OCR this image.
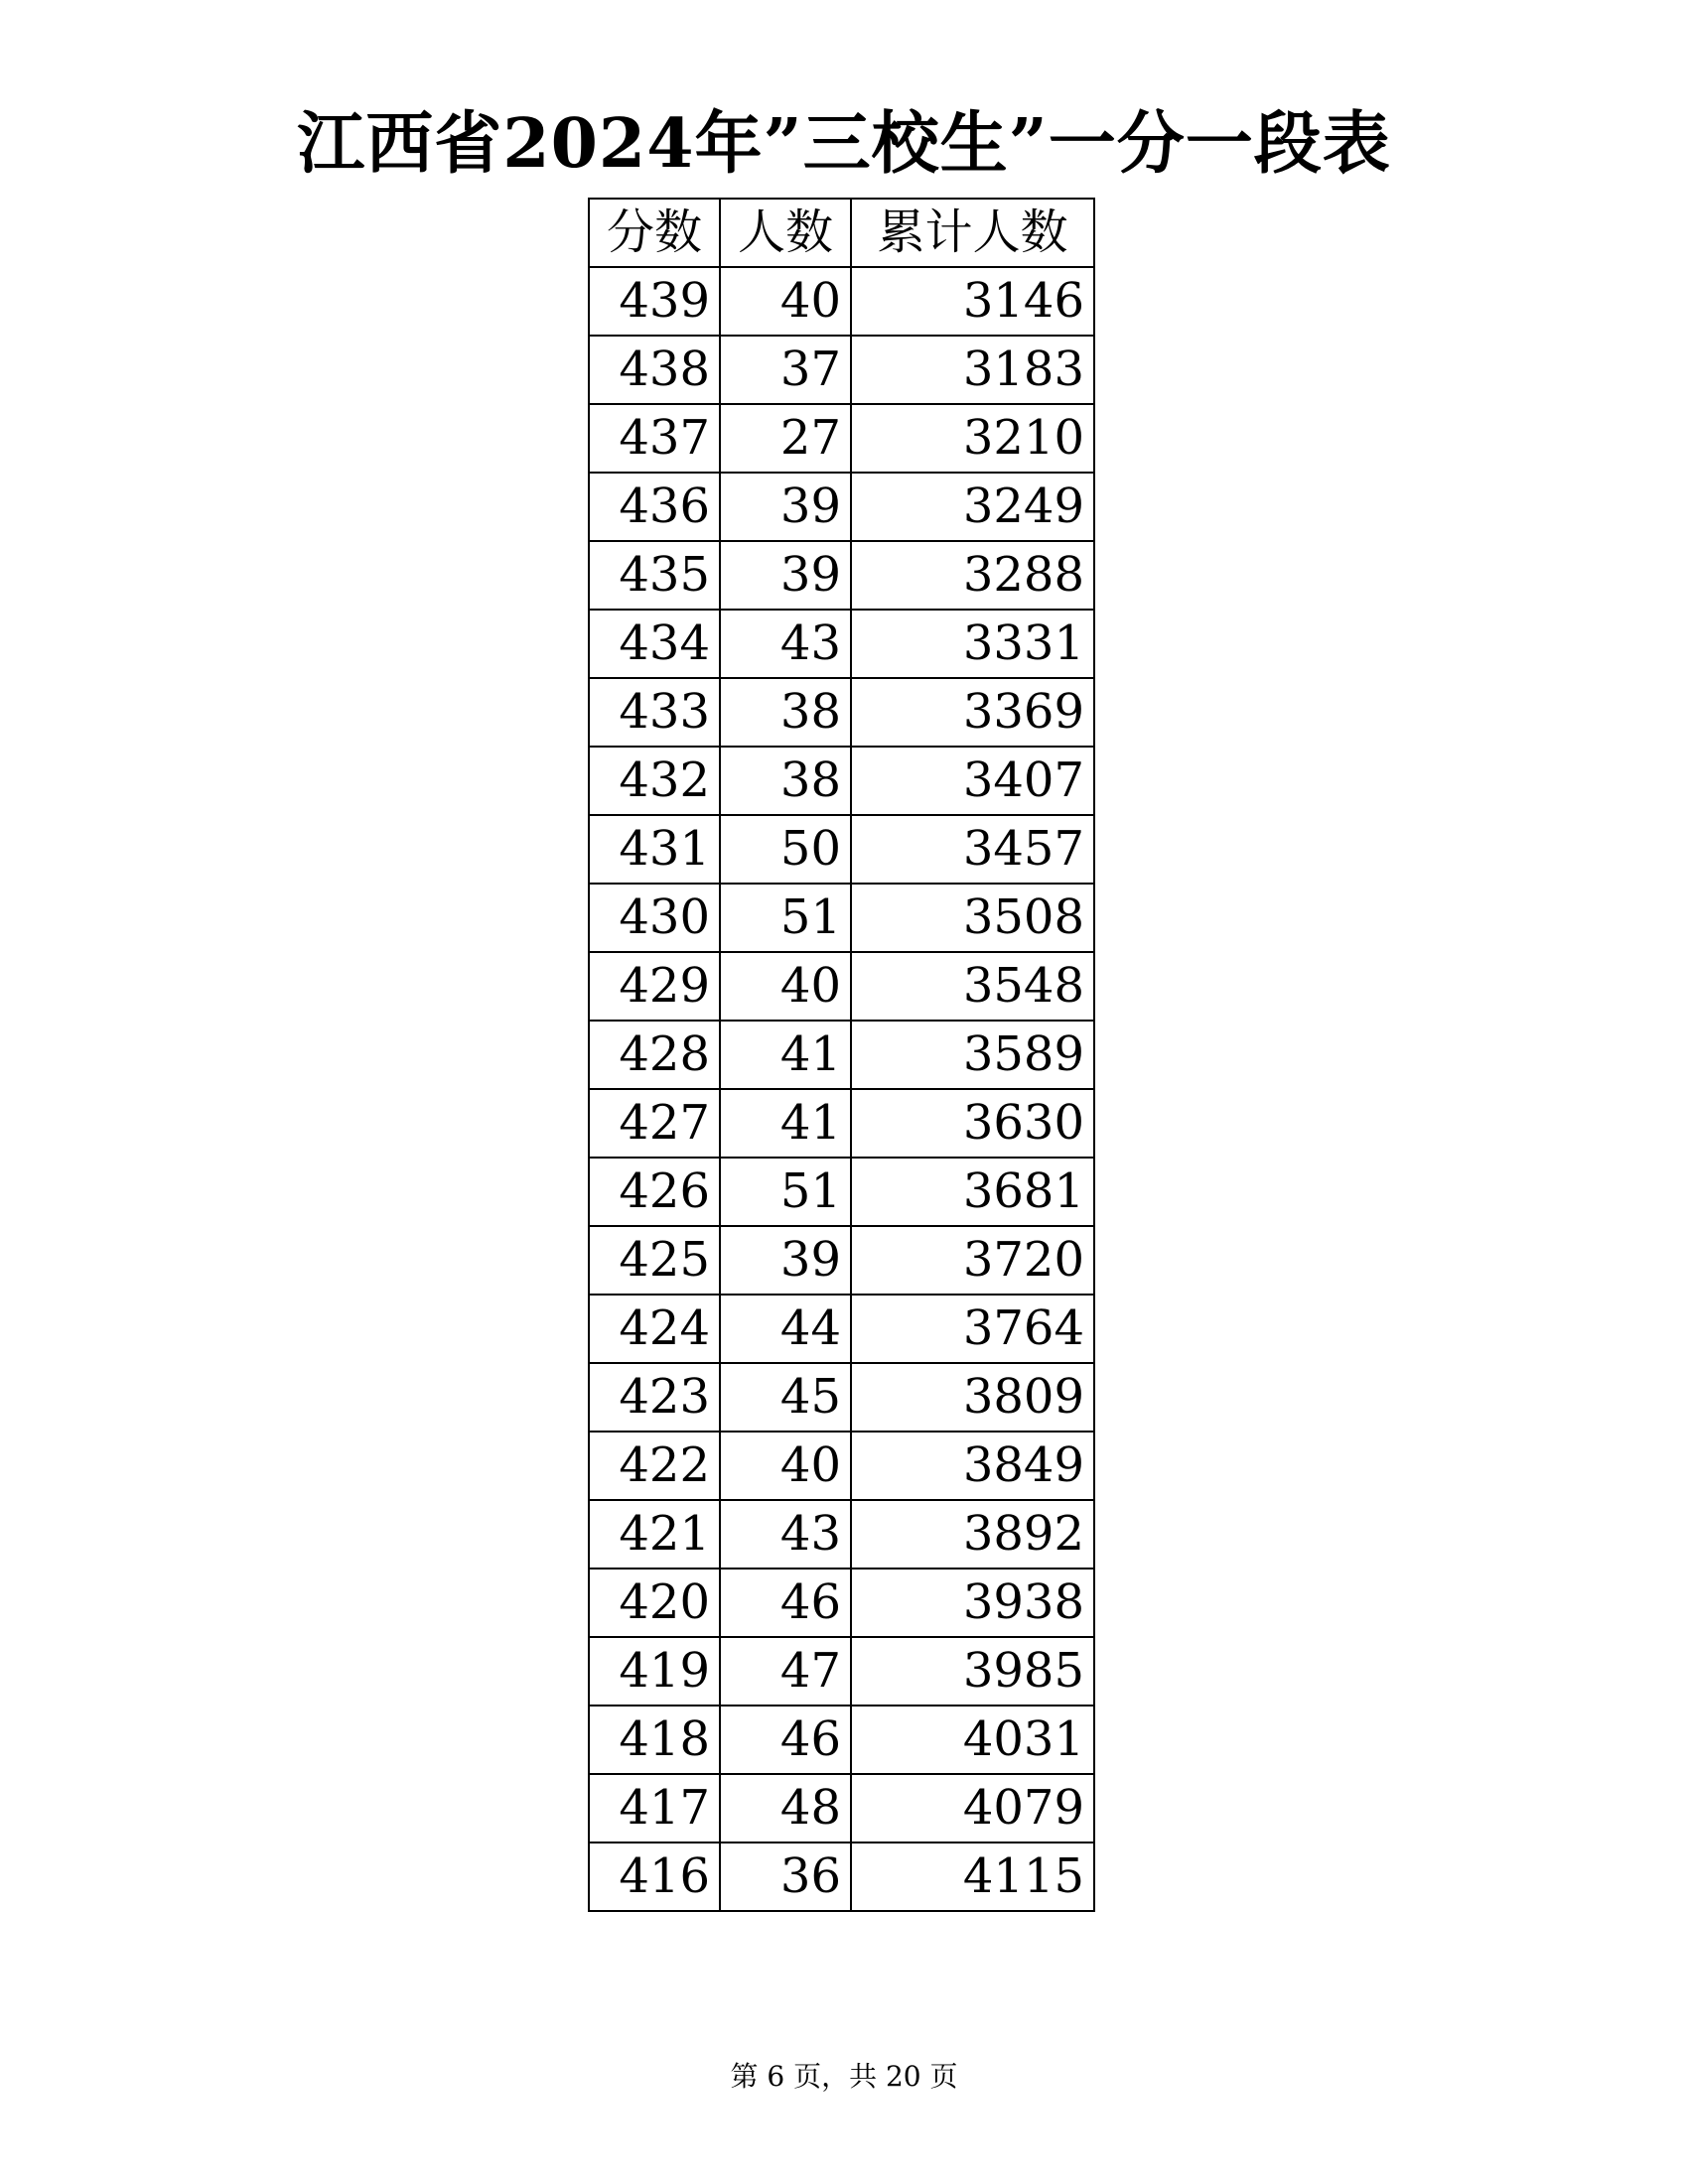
江西省2024年”三校生”一分一段表
分数	人数	累计人数
439	40	3146
438	37	3183
437	27	3210
436	39	3249
435	39	3288
434	43	3331
433	38	3369
432	38	3407
431	50	3457
430	51	3508
429	40	3548
428	41	3589
427	41	3630
426	51	3681
425	39	3720
424	44	3764
423	45	3809
422	40	3849
421	43	3892
420	46	3938
419	47	3985
418	46	4031
417	48	4079
416	36	4115
第 6 页，共 20 页
